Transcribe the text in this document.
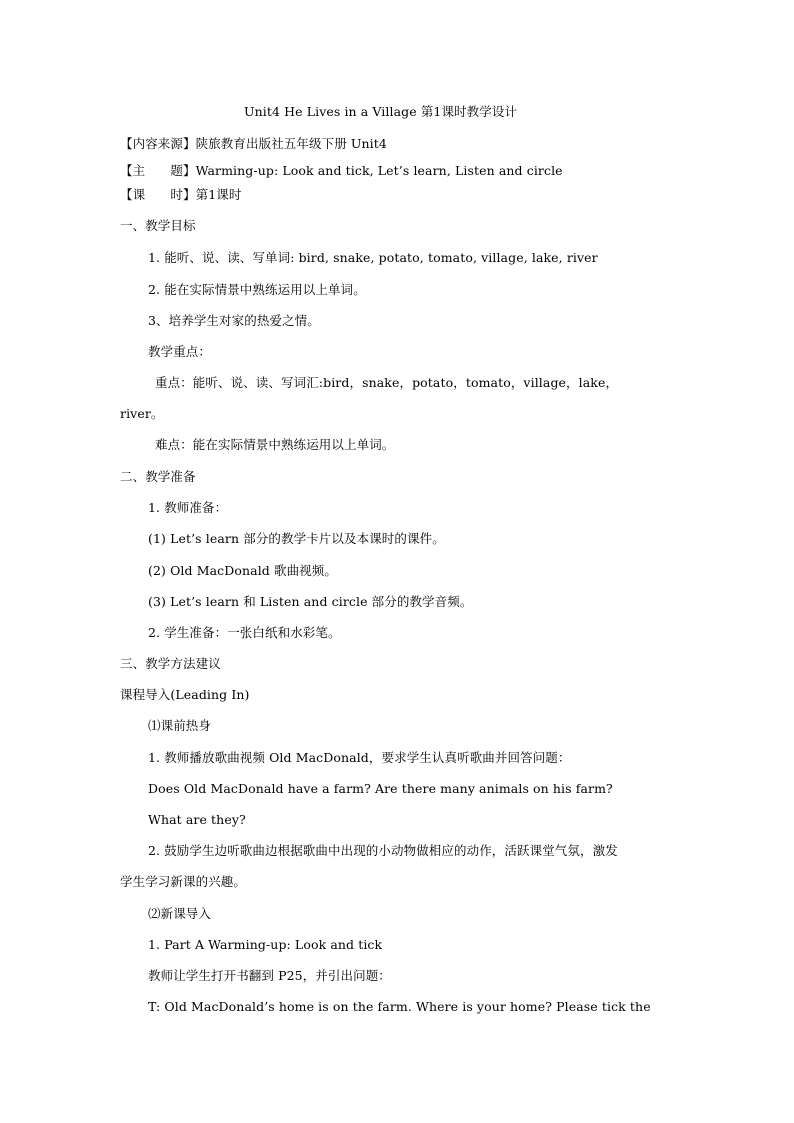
Unit4 He Lives in a Village 第1课时教学设计
【内容来源】陕旅教育出版社五年级下册 Unit4
【主　　题】Warming-up: Look and tick, Let’s learn, Listen and circle
【课　　时】第1课时
一、教学目标
1. 能听、说、读、写单词: bird, snake, potato, tomato, village, lake, river
2. 能在实际情景中熟练运用以上单词。
3、培养学生对家的热爱之情。
教学重点：
重点：能听、说、读、写词汇:bird，snake，potato，tomato，village，lake，
river。
难点：能在实际情景中熟练运用以上单词。
二、教学准备
1. 教师准备：
(1) Let’s learn 部分的教学卡片以及本课时的课件。
(2) Old MacDonald 歌曲视频。
(3) Let’s learn 和 Listen and circle 部分的教学音频。
2. 学生准备：一张白纸和水彩笔。
三、教学方法建议
课程导入(Leading In)
⑴课前热身
1. 教师播放歌曲视频 Old MacDonald，要求学生认真听歌曲并回答问题：
Does Old MacDonald have a farm? Are there many animals on his farm?
What are they?
2. 鼓励学生边听歌曲边根据歌曲中出现的小动物做相应的动作，活跃课堂气氛，激发
学生学习新课的兴趣。
⑵新课导入
1. Part A Warming-up: Look and tick
教师让学生打开书翻到 P25，并引出问题：
T: Old MacDonald’s home is on the farm. Where is your home? Please tick the
